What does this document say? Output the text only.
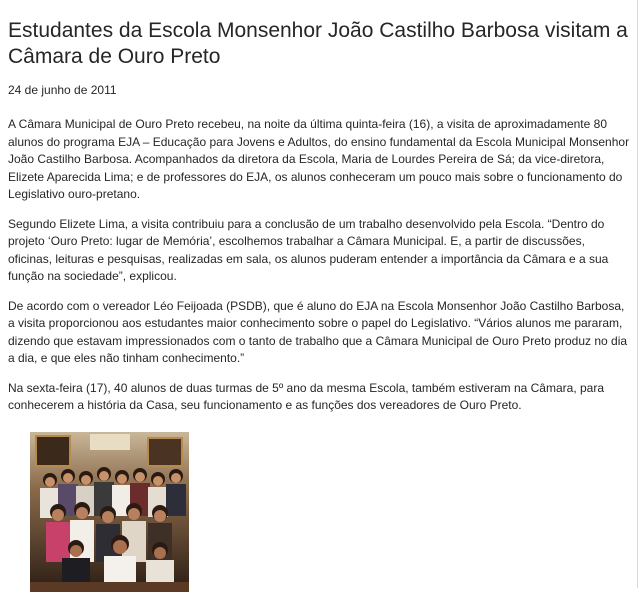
Estudantes da Escola Monsenhor João Castilho Barbosa visitam a Câmara de Ouro Preto
24 de junho de 2011

A Câmara Municipal de Ouro Preto recebeu, na noite da última quinta-feira (16), a visita de aproximadamente 80 alunos do programa EJA – Educação para Jovens e Adultos, do ensino fundamental da Escola Municipal Monsenhor João Castilho Barbosa. Acompanhados da diretora da Escola, Maria de Lourdes Pereira de Sá; da vice-diretora, Elizete Aparecida Lima; e de professores do EJA, os alunos conheceram um pouco mais sobre o funcionamento do Legislativo ouro-pretano.

Segundo Elizete Lima, a visita contribuiu para a conclusão de um trabalho desenvolvido pela Escola. “Dentro do projeto ‘Ouro Preto: lugar de Memória’, escolhemos trabalhar a Câmara Municipal. E, a partir de discussões, oficinas, leituras e pesquisas, realizadas em sala, os alunos puderam entender a importância da Câmara e a sua função na sociedade”, explicou.

De acordo com o vereador Léo Feijoada (PSDB), que é aluno do EJA na Escola Monsenhor João Castilho Barbosa, a visita proporcionou aos estudantes maior conhecimento sobre o papel do Legislativo. “Vários alunos me pararam, dizendo que estavam impressionados com o tanto de trabalho que a Câmara Municipal de Ouro Preto produz no dia a dia, e que eles não tinham conhecimento.”

Na sexta-feira (17), 40 alunos de duas turmas de 5º ano da mesma Escola, também estiveram na Câmara, para conhecerem a história da Casa, seu funcionamento e as funções dos vereadores de Ouro Preto.
